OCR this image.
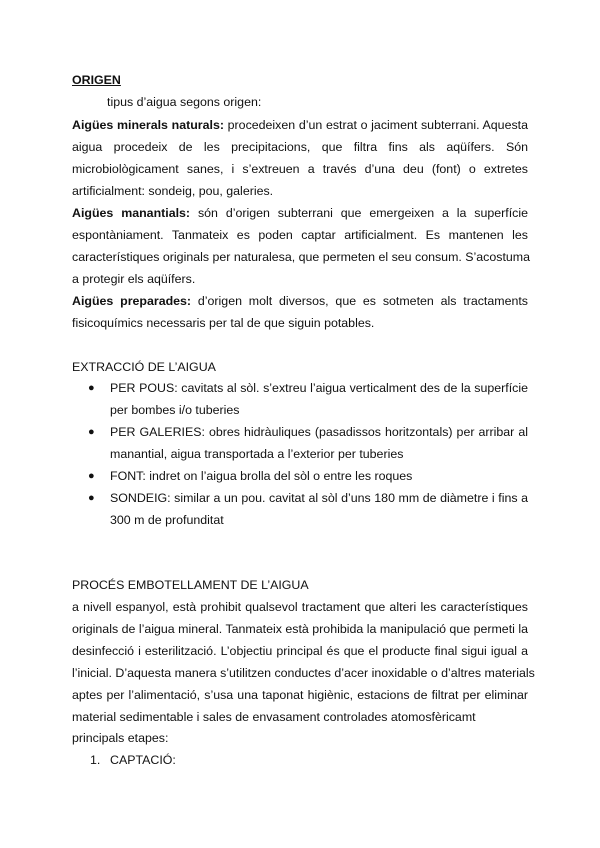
ORIGEN
tipus d’aigua segons origen:
Aigües minerals naturals: procedeixen d’un estrat o jaciment subterrani. Aquesta
aigua procedeix de les precipitacions, que filtra fins als aqüífers. Són
microbiològicament sanes, i s’extreuen a través d’una deu (font) o extretes
artificialment: sondeig, pou, galeries.
Aigües manantials: són d’origen subterrani que emergeixen a la superfície
espontàniament. Tanmateix es poden captar artificialment. Es mantenen les
característiques originals per naturalesa, que permeten el seu consum. S’acostuma
a protegir els aqüífers.
Aigües preparades: d’origen molt diversos, que es sotmeten als tractaments
fisicoquímics necessaris per tal de que siguin potables.
EXTRACCIÓ DE L’AIGUA
● PER POUS: cavitats al sòl. s’extreu l’aigua verticalment des de la superfície
per bombes i/o tuberies
● PER GALERIES: obres hidràuliques (pasadissos horitzontals) per arribar al
manantial, aigua transportada a l’exterior per tuberies
● FONT: indret on l’aigua brolla del sòl o entre les roques
● SONDEIG: similar a un pou. cavitat al sòl d’uns 180 mm de diàmetre i fins a
300 m de profunditat
PROCÉS EMBOTELLAMENT DE L’AIGUA
a nivell espanyol, està prohibit qualsevol tractament que alteri les característiques
originals de l’aigua mineral. Tanmateix està prohibida la manipulació que permeti la
desinfecció i esterilització. L’objectiu principal és que el producte final sigui igual a
l’inicial. D’aquesta manera s’utilitzen conductes d’acer inoxidable o d’altres materials
aptes per l’alimentació, s’usa una taponat higiènic, estacions de filtrat per eliminar
material sedimentable i sales de envasament controlades atomosfèricamt
principals etapes:
1. CAPTACIÓ:
